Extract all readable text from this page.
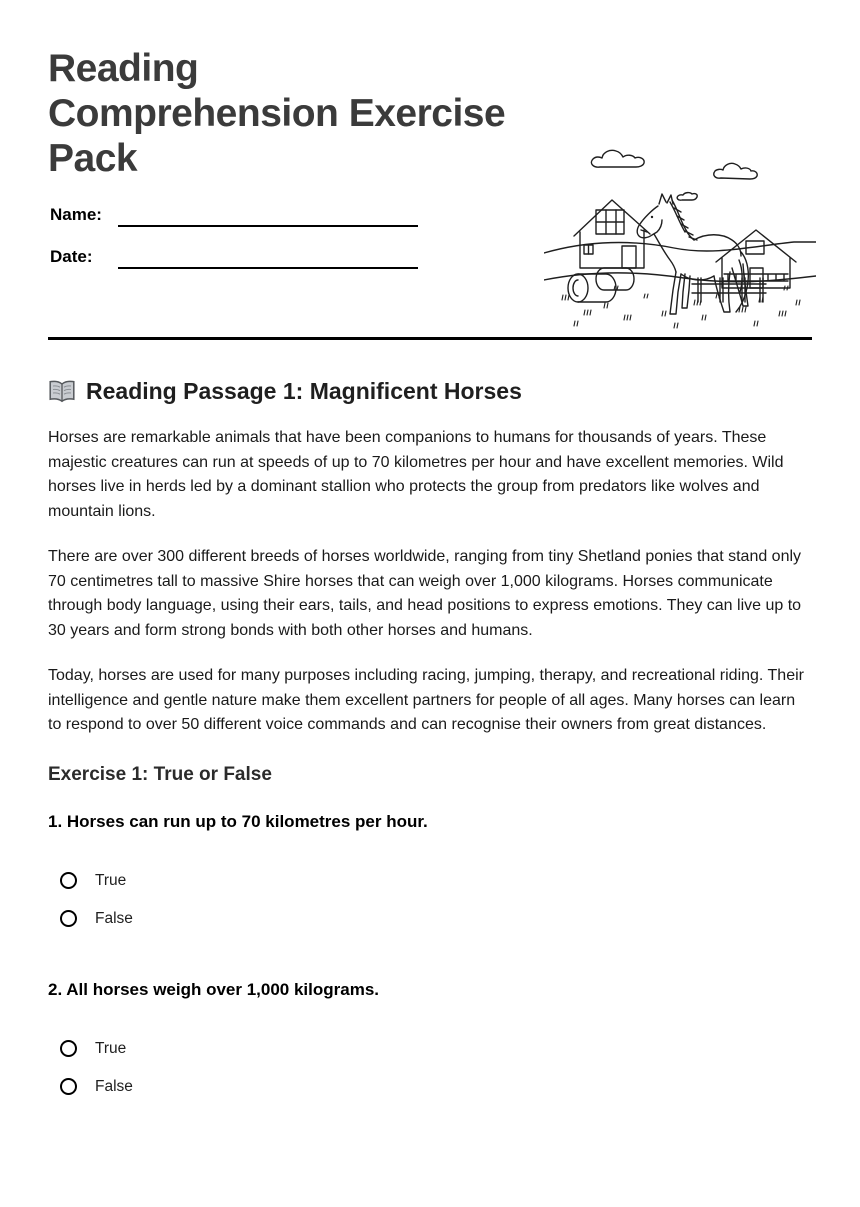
Reading
Comprehension Exercise
Pack
Name:
Date:
Reading Passage 1: Magnificent Horses

Horses are remarkable animals that have been companions to humans for thousands of years. These majestic creatures can run at speeds of up to 70 kilometres per hour and have excellent memories. Wild horses live in herds led by a dominant stallion who protects the group from predators like wolves and mountain lions.

There are over 300 different breeds of horses worldwide, ranging from tiny Shetland ponies that stand only 70 centimetres tall to massive Shire horses that can weigh over 1,000 kilograms. Horses communicate through body language, using their ears, tails, and head positions to express emotions. They can live up to 30 years and form strong bonds with both other horses and humans.

Today, horses are used for many purposes including racing, jumping, therapy, and recreational riding. Their intelligence and gentle nature make them excellent partners for people of all ages. Many horses can learn to respond to over 50 different voice commands and can recognise their owners from great distances.

Exercise 1: True or False
1. Horses can run up to 70 kilometres per hour.
True
False
2. All horses weigh over 1,000 kilograms.
True
False
